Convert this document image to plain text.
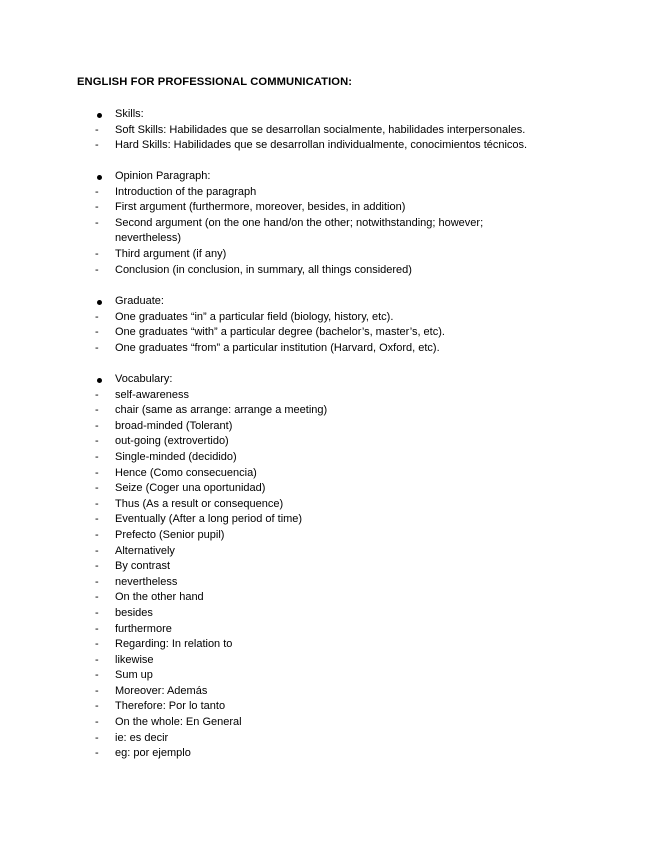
ENGLISH FOR PROFESSIONAL COMMUNICATION:
Skills:
-	Soft Skills: Habilidades que se desarrollan socialmente, habilidades interpersonales.
-	Hard Skills: Habilidades que se desarrollan individualmente, conocimientos técnicos.
Opinion Paragraph:
-	Introduction of the paragraph
-	First argument (furthermore, moreover, besides, in addition)
- Second argument (on the one hand/on the other; notwithstanding; however; nevertheless)
-	Third argument (if any)
-	Conclusion (in conclusion, in summary, all things considered)
Graduate:
-	One graduates “in” a particular field (biology, history, etc).
-	One graduates “with” a particular degree (bachelor’s, master’s, etc).
-	One graduates “from” a particular institution (Harvard, Oxford, etc).
Vocabulary:
-	self-awareness
-	chair (same as arrange: arrange a meeting)
-	broad-minded (Tolerant)
-	out-going (extrovertido)
-	Single-minded (decidido)
-	Hence (Como consecuencia)
-	Seize (Coger una oportunidad)
-	Thus (As a result or consequence)
-	Eventually (After a long period of time)
-	Prefecto (Senior pupil)
-	Alternatively
-	By contrast
-	nevertheless
-	On the other hand
-	besides
-	furthermore
-	Regarding: In relation to
-	likewise
-	Sum up
-	Moreover: Además
-	Therefore: Por lo tanto
-	On the whole: En General
-	ie: es decir
-	eg: por ejemplo
